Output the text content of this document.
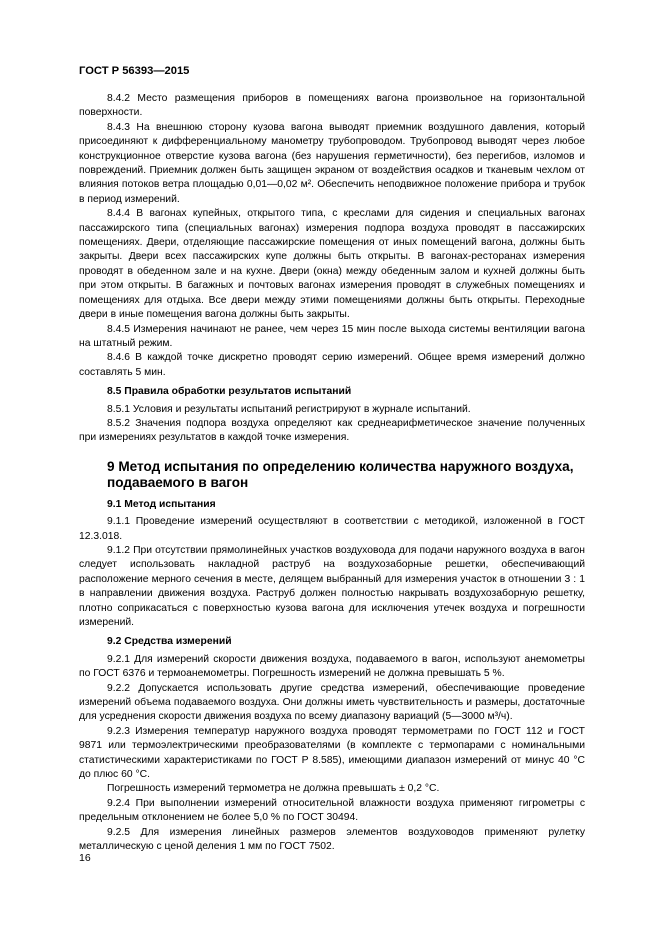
ГОСТ Р 56393—2015
8.4.2 Место размещения приборов в помещениях вагона произвольное на горизонтальной поверхности.
8.4.3 На внешнюю сторону кузова вагона выводят приемник воздушного давления, который присоединяют к дифференциальному манометру трубопроводом. Трубопровод выводят через любое конструкционное отверстие кузова вагона (без нарушения герметичности), без перегибов, изломов и повреждений. Приемник должен быть защищен экраном от воздействия осадков и тканевым чехлом от влияния потоков ветра площадью 0,01—0,02 м². Обеспечить неподвижное положение прибора и трубок в период измерений.
8.4.4 В вагонах купейных, открытого типа, с креслами для сидения и специальных вагонах пассажирского типа (специальных вагонах) измерения подпора воздуха проводят в пассажирских помещениях. Двери, отделяющие пассажирские помещения от иных помещений вагона, должны быть закрыты. Двери всех пассажирских купе должны быть открыты. В вагонах-ресторанах измерения проводят в обеденном зале и на кухне. Двери (окна) между обеденным залом и кухней должны быть при этом открыты. В багажных и почтовых вагонах измерения проводят в служебных помещениях и помещениях для отдыха. Все двери между этими помещениями должны быть открыты. Переходные двери в иные помещения вагона должны быть закрыты.
8.4.5 Измерения начинают не ранее, чем через 15 мин после выхода системы вентиляции вагона на штатный режим.
8.4.6 В каждой точке дискретно проводят серию измерений. Общее время измерений должно составлять 5 мин.
8.5 Правила обработки результатов испытаний
8.5.1 Условия и результаты испытаний регистрируют в журнале испытаний.
8.5.2 Значения подпора воздуха определяют как среднеарифметическое значение полученных при измерениях результатов в каждой точке измерения.
9 Метод испытания по определению количества наружного воздуха, подаваемого в вагон
9.1 Метод испытания
9.1.1 Проведение измерений осуществляют в соответствии с методикой, изложенной в ГОСТ 12.3.018.
9.1.2 При отсутствии прямолинейных участков воздуховода для подачи наружного воздуха в вагон следует использовать накладной раструб на воздухозаборные решетки, обеспечивающий расположение мерного сечения в месте, делящем выбранный для измерения участок в отношении 3 : 1 в направлении движения воздуха. Раструб должен полностью накрывать воздухозаборную решетку, плотно соприкасаться с поверхностью кузова вагона для исключения утечек воздуха и погрешности измерений.
9.2 Средства измерений
9.2.1 Для измерений скорости движения воздуха, подаваемого в вагон, используют анемометры по ГОСТ 6376 и термоанемометры. Погрешность измерений не должна превышать 5 %.
9.2.2 Допускается использовать другие средства измерений, обеспечивающие проведение измерений объема подаваемого воздуха. Они должны иметь чувствительность и размеры, достаточные для усреднения скорости движения воздуха по всему диапазону вариаций (5—3000 м³/ч).
9.2.3 Измерения температур наружного воздуха проводят термометрами по ГОСТ 112 и ГОСТ 9871 или термоэлектрическими преобразователями (в комплекте с термопарами с номинальными статистическими характеристиками по ГОСТ Р 8.585), имеющими диапазон измерений от минус 40 °С до плюс 60 °С.
Погрешность измерений термометра не должна превышать ± 0,2 °С.
9.2.4 При выполнении измерений относительной влажности воздуха применяют гигрометры с предельным отклонением не более 5,0 % по ГОСТ 30494.
9.2.5 Для измерения линейных размеров элементов воздуховодов применяют рулетку металлическую с ценой деления 1 мм по ГОСТ 7502.
16
